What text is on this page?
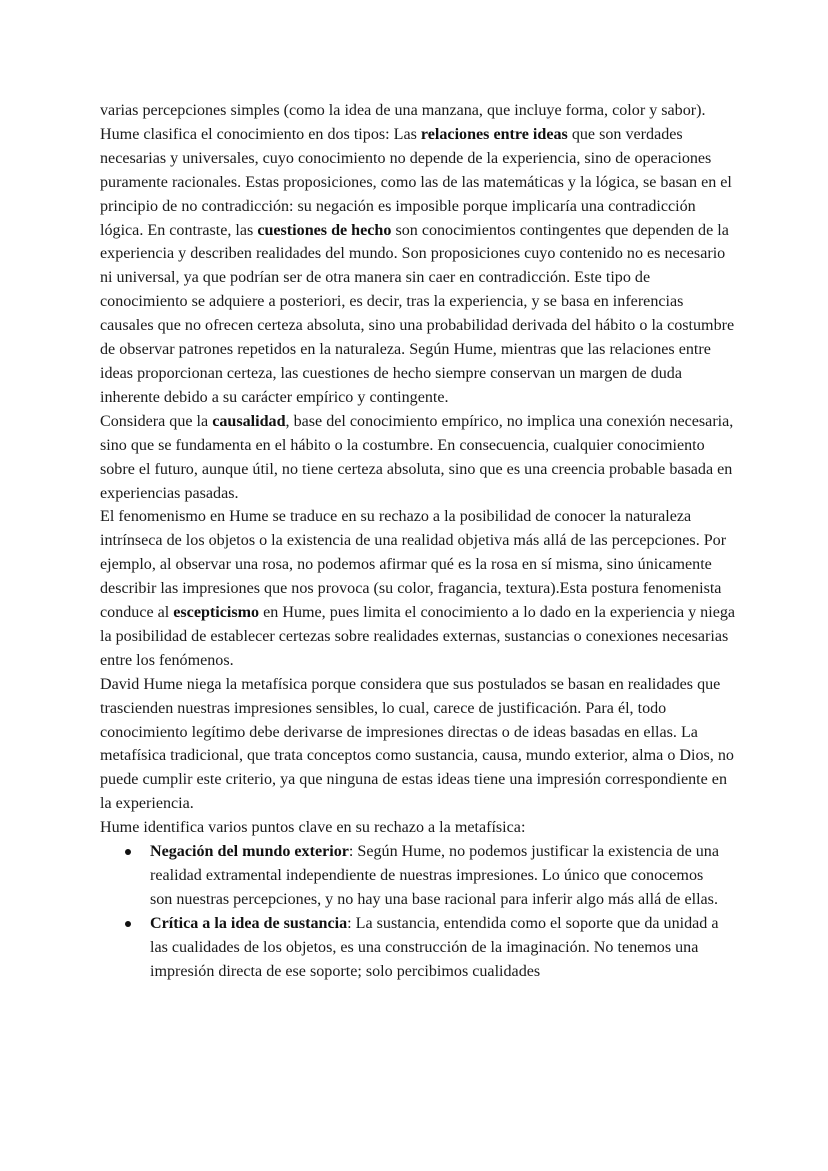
varias percepciones simples (como la idea de una manzana, que incluye forma, color y sabor).

Hume clasifica el conocimiento en dos tipos: Las relaciones entre ideas que son verdades necesarias y universales, cuyo conocimiento no depende de la experiencia, sino de operaciones puramente racionales. Estas proposiciones, como las de las matemáticas y la lógica, se basan en el principio de no contradicción: su negación es imposible porque implicaría una contradicción lógica. En contraste, las cuestiones de hecho son conocimientos contingentes que dependen de la experiencia y describen realidades del mundo. Son proposiciones cuyo contenido no es necesario ni universal, ya que podrían ser de otra manera sin caer en contradicción. Este tipo de conocimiento se adquiere a posteriori, es decir, tras la experiencia, y se basa en inferencias causales que no ofrecen certeza absoluta, sino una probabilidad derivada del hábito o la costumbre de observar patrones repetidos en la naturaleza. Según Hume, mientras que las relaciones entre ideas proporcionan certeza, las cuestiones de hecho siempre conservan un margen de duda inherente debido a su carácter empírico y contingente.

Considera que la causalidad, base del conocimiento empírico, no implica una conexión necesaria, sino que se fundamenta en el hábito o la costumbre. En consecuencia, cualquier conocimiento sobre el futuro, aunque útil, no tiene certeza absoluta, sino que es una creencia probable basada en experiencias pasadas.

El fenomenismo en Hume se traduce en su rechazo a la posibilidad de conocer la naturaleza intrínseca de los objetos o la existencia de una realidad objetiva más allá de las percepciones. Por ejemplo, al observar una rosa, no podemos afirmar qué es la rosa en sí misma, sino únicamente describir las impresiones que nos provoca (su color, fragancia, textura).Esta postura fenomenista conduce al escepticismo en Hume, pues limita el conocimiento a lo dado en la experiencia y niega la posibilidad de establecer certezas sobre realidades externas, sustancias o conexiones necesarias entre los fenómenos.

David Hume niega la metafísica porque considera que sus postulados se basan en realidades que trascienden nuestras impresiones sensibles, lo cual, carece de justificación. Para él, todo conocimiento legítimo debe derivarse de impresiones directas o de ideas basadas en ellas. La metafísica tradicional, que trata conceptos como sustancia, causa, mundo exterior, alma o Dios, no puede cumplir este criterio, ya que ninguna de estas ideas tiene una impresión correspondiente en la experiencia.

Hume identifica varios puntos clave en su rechazo a la metafísica:

Negación del mundo exterior: Según Hume, no podemos justificar la existencia de una realidad extramental independiente de nuestras impresiones. Lo único que conocemos son nuestras percepciones, y no hay una base racional para inferir algo más allá de ellas.
Crítica a la idea de sustancia: La sustancia, entendida como el soporte que da unidad a las cualidades de los objetos, es una construcción de la imaginación. No tenemos una impresión directa de ese soporte; solo percibimos cualidades
